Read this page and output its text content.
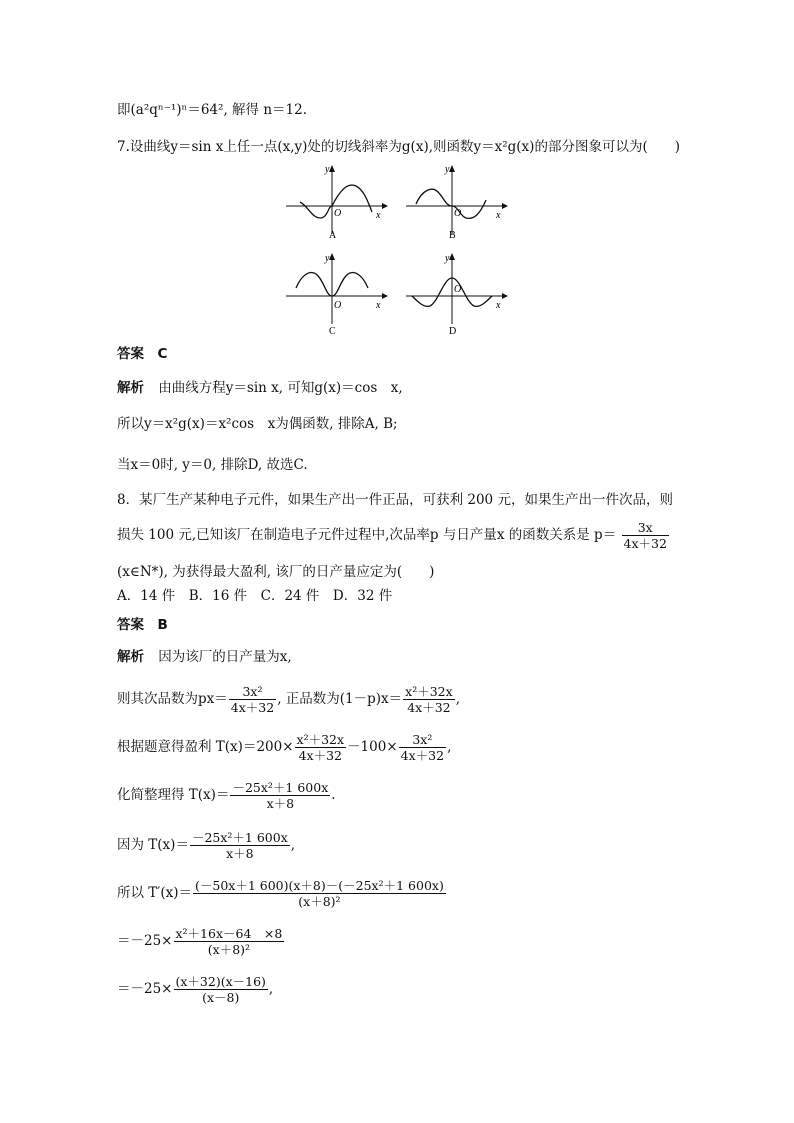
即(a²qⁿ⁻¹)ⁿ＝64², 解得 n＝12.
7.设曲线y＝sin x上任一点(x,y)处的切线斜率为g(x),则函数y＝x²g(x)的部分图象可以为(　　)
y
x
O
A
y
x
O
B
y
x
O
C
y
x
O
D
答案　C
解析 由曲线方程y＝sin x, 可知g(x)＝cos　x,
所以y＝x²g(x)＝x²cos　x为偶函数, 排除A, B;
当x＝0时, y＝0, 排除D, 故选C.
8．某厂生产某种电子元件，如果生产出一件正品，可获利 200 元，如果生产出一件次品，则
损失 100 元,已知该厂在制造电子元件过程中,次品率p 与日产量x 的函数关系是 $p= \frac{3x}{4x+32}$
(x∈N*), 为获得最大盈利, 该厂的日产量应定为(　　)
A．14 件　B．16 件　C．24 件　D．32 件
答案　B
解析 因为该厂的日产量为x,
则其次品数为$px= \frac{\text{3x²}}{4x+32}$ , 正品数为$(1-p)x= \frac{\text{x²＋32x}}{4x+32}$ ,
根据题意得盈利 $T(x)=200\times \frac{\text{x²＋32x}}{4x+32} -100\times \frac{\text{3x²}}{4x+32}$ ,
化简整理得 $T(x)= \frac{\text{－25x²＋1 600x}}{x+8}$ .
因为 $T(x)= \frac{\text{－25x²＋1 600x}}{x+8}$ ,
所以 $T'(x)= \frac{\text{(－50x＋1 600)(x＋8)－(－25x²＋1 600x)}}{\text{(x＋8)²}}$
$=-25\times \frac{\text{x²＋16x－64　×8}}{\text{(x＋8)²}}$
$=-25\times \frac{(x+32)(x-16)}{(x-8)}$ ,
